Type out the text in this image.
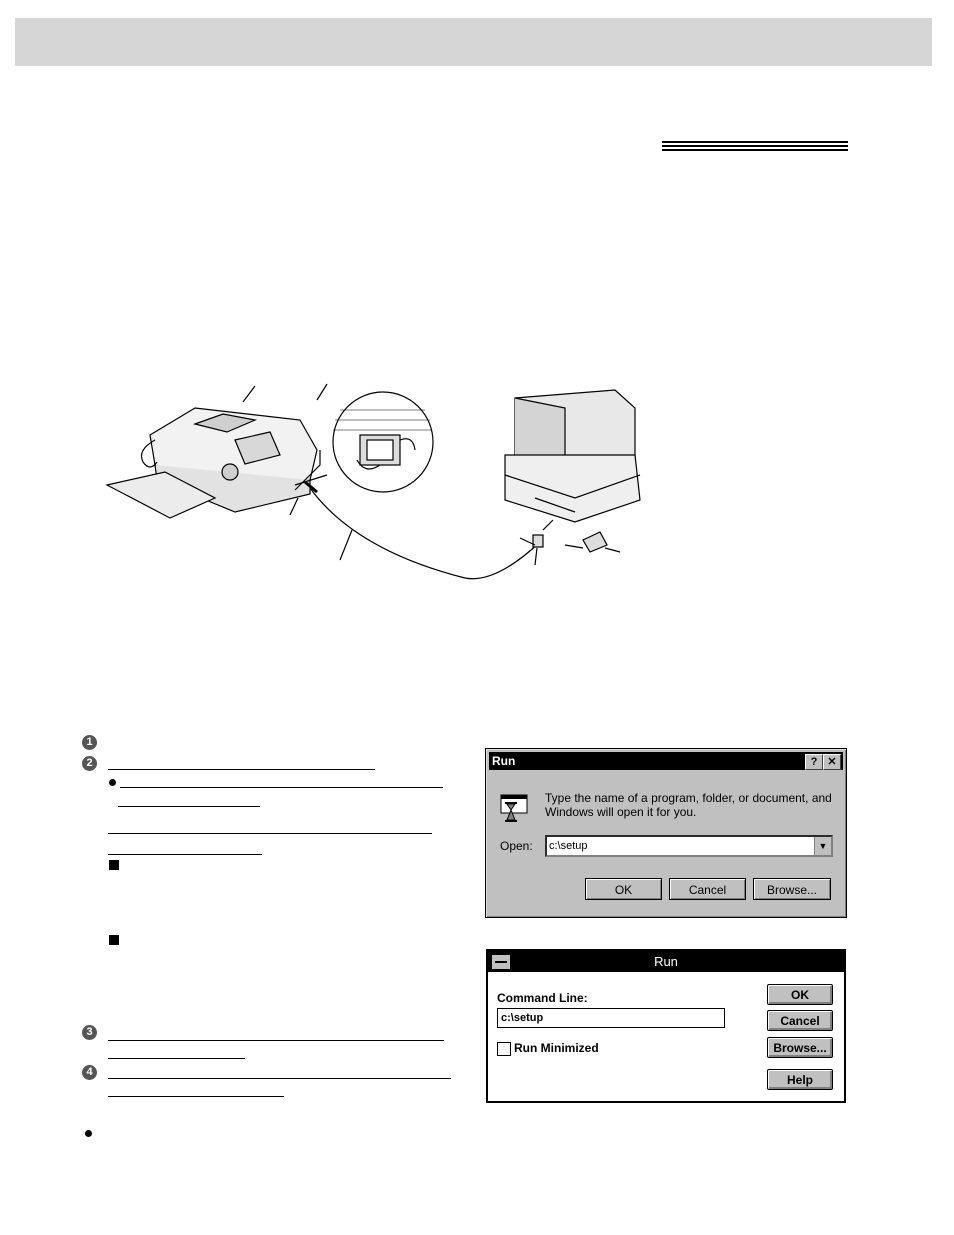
1
2
3
4
Run	? ✕
Type the name of a program, folder, or document, and Windows will open it for you.
Open:	c:\setup	▼
OK	Cancel	Browse...
Run
Command Line:
c:\setup
Run Minimized
OK
Cancel
Browse...
Help
